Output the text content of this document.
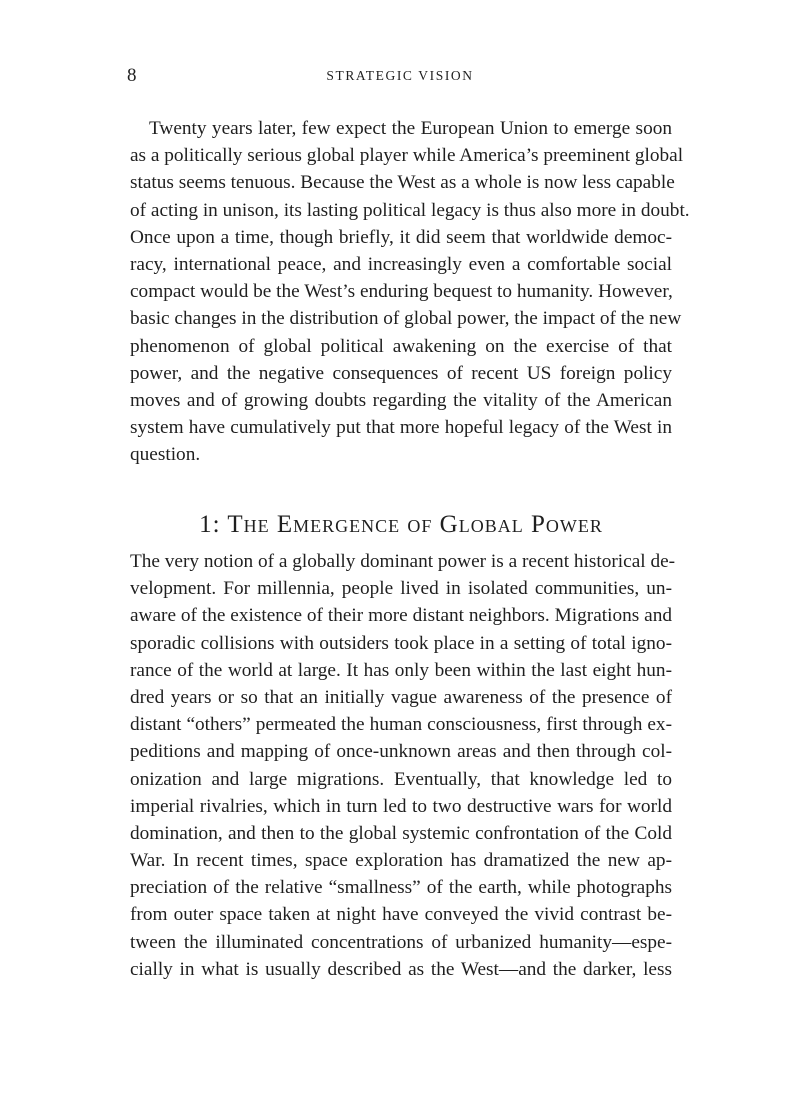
8	STRATEGIC VISION
Twenty years later, few expect the European Union to emerge soon
as a politically serious global player while America’s preeminent global
status seems tenuous. Because the West as a whole is now less capable
of acting in unison, its lasting political legacy is thus also more in doubt.
Once upon a time, though briefly, it did seem that worldwide democ-
racy, international peace, and increasingly even a comfortable social
compact would be the West’s enduring bequest to humanity. However,
basic changes in the distribution of global power, the impact of the new
phenomenon of global political awakening on the exercise of that
power, and the negative consequences of recent US foreign policy
moves and of growing doubts regarding the vitality of the American
system have cumulatively put that more hopeful legacy of the West in
question.
1: The Emergence of Global Power
The very notion of a globally dominant power is a recent historical de-
velopment. For millennia, people lived in isolated communities, un-
aware of the existence of their more distant neighbors. Migrations and
sporadic collisions with outsiders took place in a setting of total igno-
rance of the world at large. It has only been within the last eight hun-
dred years or so that an initially vague awareness of the presence of
distant “others” permeated the human consciousness, first through ex-
peditions and mapping of once-unknown areas and then through col-
onization and large migrations. Eventually, that knowledge led to
imperial rivalries, which in turn led to two destructive wars for world
domination, and then to the global systemic confrontation of the Cold
War. In recent times, space exploration has dramatized the new ap-
preciation of the relative “smallness” of the earth, while photographs
from outer space taken at night have conveyed the vivid contrast be-
tween the illuminated concentrations of urbanized humanity—espe-
cially in what is usually described as the West—and the darker, less
